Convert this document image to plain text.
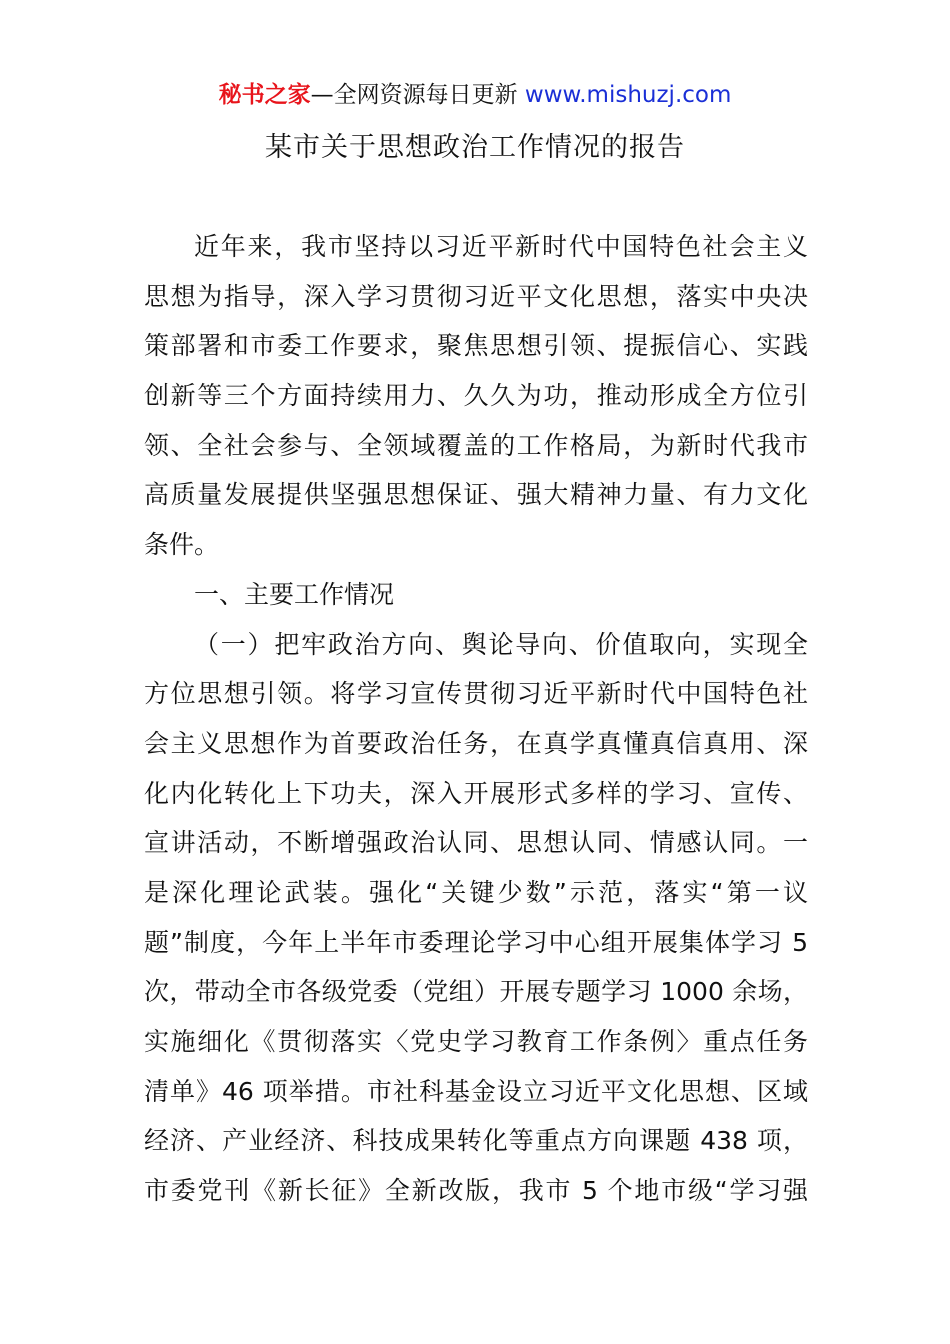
秘书之家—全网资源每日更新 www.mishuzj.com
某市关于思想政治工作情况的报告
近年来，我市坚持以习近平新时代中国特色社会主义
思想为指导，深入学习贯彻习近平文化思想，落实中央决
策部署和市委工作要求，聚焦思想引领、提振信心、实践
创新等三个方面持续用力、久久为功，推动形成全方位引
领、全社会参与、全领域覆盖的工作格局，为新时代我市
高质量发展提供坚强思想保证、强大精神力量、有力文化
条件。
一、主要工作情况
（一）把牢政治方向、舆论导向、价值取向，实现全
方位思想引领。将学习宣传贯彻习近平新时代中国特色社
会主义思想作为首要政治任务，在真学真懂真信真用、深
化内化转化上下功夫，深入开展形式多样的学习、宣传、
宣讲活动，不断增强政治认同、思想认同、情感认同。一
是深化理论武装。强化“关键少数”示范，落实“第一议
题”制度，今年上半年市委理论学习中心组开展集体学习 5
次，带动全市各级党委（党组）开展专题学习 1000 余场，
实施细化《贯彻落实〈党史学习教育工作条例〉重点任务
清单》46 项举措。市社科基金设立习近平文化思想、区域
经济、产业经济、科技成果转化等重点方向课题 438 项，
市委党刊《新长征》全新改版，我市 5 个地市级“学习强
